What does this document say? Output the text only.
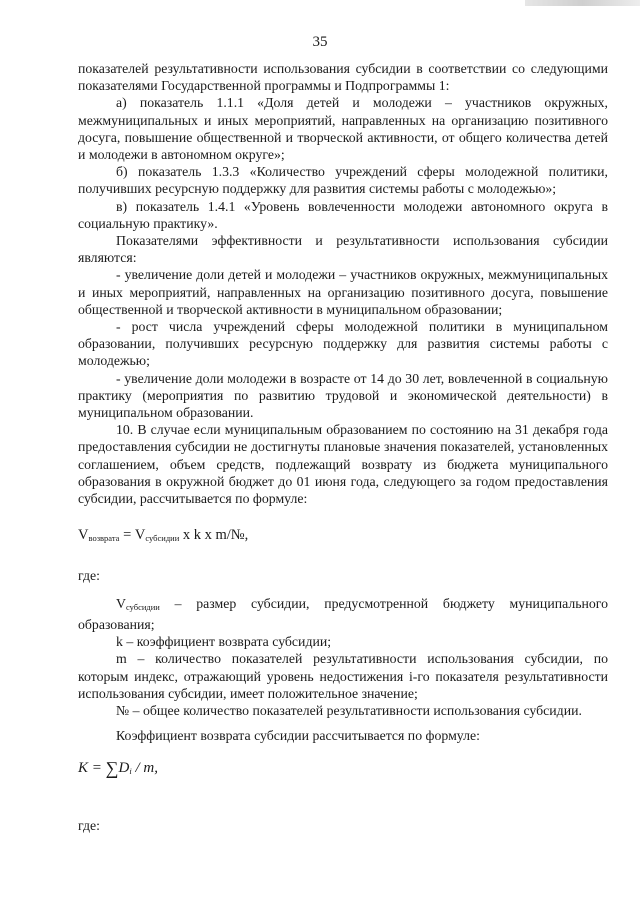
35

показателей результативности использования субсидии в соответствии со следующими показателями Государственной программы и Подпрограммы 1:

а) показатель 1.1.1 «Доля детей и молодежи – участников окружных, межмуниципальных и иных мероприятий, направленных на организацию позитивного досуга, повышение общественной и творческой активности, от общего количества детей и молодежи в автономном округе»;

б) показатель 1.3.3 «Количество учреждений сферы молодежной политики, получивших ресурсную поддержку для развития системы работы с молодежью»;

в) показатель 1.4.1 «Уровень вовлеченности молодежи автономного округа в социальную практику».

Показателями эффективности и результативности использования субсидии являются:

- увеличение доли детей и молодежи – участников окружных, межмуниципальных и иных мероприятий, направленных на организацию позитивного досуга, повышение общественной и творческой активности в муниципальном образовании;

- рост числа учреждений сферы молодежной политики в муниципальном образовании, получивших ресурсную поддержку для развития системы работы с молодежью;

- увеличение доли молодежи в возрасте от 14 до 30 лет, вовлеченной в социальную практику (мероприятия по развитию трудовой и экономической деятельности) в муниципальном образовании.

10. В случае если муниципальным образованием по состоянию на 31 декабря года предоставления субсидии не достигнуты плановые значения показателей, установленных соглашением, объем средств, подлежащий возврату из бюджета муниципального образования в окружной бюджет до 01 июня года, следующего за годом предоставления субсидии, рассчитывается по формуле:

$V_{возврата} = V_{субсидии}$ x k x m/№,

где:

$V_{субсидии}$ – размер субсидии, предусмотренной бюджету муниципального образования;

k – коэффициент возврата субсидии;

m – количество показателей результативности использования субсидии, по которым индекс, отражающий уровень недостижения i-го показателя результативности использования субсидии, имеет положительное значение;

№ – общее количество показателей результативности использования субсидии.

Коэффициент возврата субсидии рассчитывается по формуле:

$K = \sum D_i / m$,

где:
